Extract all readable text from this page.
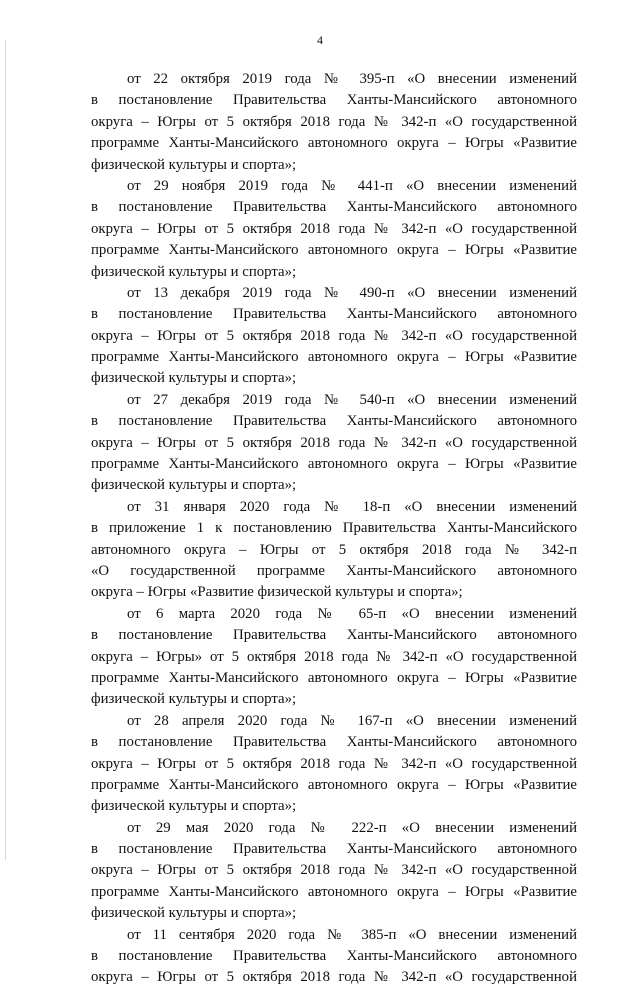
4
от 22 октября 2019 года № 395-п «О внесении изменений
в постановление Правительства Ханты-Мансийского автономного
округа – Югры от 5 октября 2018 года № 342-п «О государственной
программе Ханты-Мансийского автономного округа – Югры «Развитие
физической культуры и спорта»;
от 29 ноября 2019 года № 441-п «О внесении изменений
в постановление Правительства Ханты-Мансийского автономного
округа – Югры от 5 октября 2018 года № 342-п «О государственной
программе Ханты-Мансийского автономного округа – Югры «Развитие
физической культуры и спорта»;
от 13 декабря 2019 года № 490-п «О внесении изменений
в постановление Правительства Ханты-Мансийского автономного
округа – Югры от 5 октября 2018 года № 342-п «О государственной
программе Ханты-Мансийского автономного округа – Югры «Развитие
физической культуры и спорта»;
от 27 декабря 2019 года № 540-п «О внесении изменений
в постановление Правительства Ханты-Мансийского автономного
округа – Югры от 5 октября 2018 года № 342-п «О государственной
программе Ханты-Мансийского автономного округа – Югры «Развитие
физической культуры и спорта»;
от 31 января 2020 года № 18-п «О внесении изменений
в приложение 1 к постановлению Правительства Ханты-Мансийского
автономного округа – Югры от 5 октября 2018 года № 342-п
«О государственной программе Ханты-Мансийского автономного
округа – Югры «Развитие физической культуры и спорта»;
от 6 марта 2020 года № 65-п «О внесении изменений
в постановление Правительства Ханты-Мансийского автономного
округа – Югры» от 5 октября 2018 года № 342-п «О государственной
программе Ханты-Мансийского автономного округа – Югры «Развитие
физической культуры и спорта»;
от 28 апреля 2020 года № 167-п «О внесении изменений
в постановление Правительства Ханты-Мансийского автономного
округа – Югры от 5 октября 2018 года № 342-п «О государственной
программе Ханты-Мансийского автономного округа – Югры «Развитие
физической культуры и спорта»;
от 29 мая 2020 года № 222-п «О внесении изменений
в постановление Правительства Ханты-Мансийского автономного
округа – Югры от 5 октября 2018 года № 342-п «О государственной
программе Ханты-Мансийского автономного округа – Югры «Развитие
физической культуры и спорта»;
от 11 сентября 2020 года № 385-п «О внесении изменений
в постановление Правительства Ханты-Мансийского автономного
округа – Югры от 5 октября 2018 года № 342-п «О государственной
